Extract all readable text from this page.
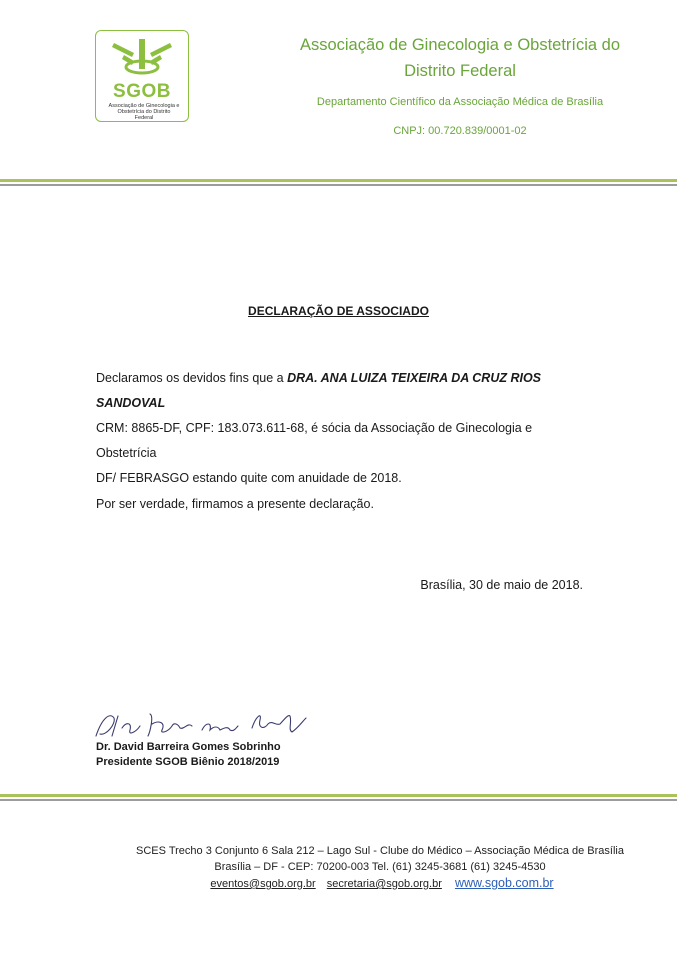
SGOB
Associação de Ginecologia e Obstetrícia do Distrito Federal
Associação de Ginecologia e Obstetrícia do
Distrito Federal
Departamento Científico da Associação Médica de Brasília
CNPJ: 00.720.839/0001-02
DECLARAÇÃO DE ASSOCIADO
Declaramos os devidos fins que a DRA. ANA LUIZA TEIXEIRA DA CRUZ RIOS SANDOVAL
CRM: 8865-DF, CPF: 183.073.611-68, é sócia da Associação de Ginecologia e Obstetrícia
DF/ FEBRASGO estando quite com anuidade de 2018.
Por ser verdade, firmamos a presente declaração.
Brasília, 30 de maio de 2018.
Dr. David Barreira Gomes Sobrinho
Presidente SGOB Biênio 2018/2019
SCES Trecho 3 Conjunto 6 Sala 212 – Lago Sul - Clube do Médico – Associação Médica de Brasília
Brasília – DF - CEP: 70200-003 Tel. (61) 3245-3681 (61) 3245-4530
eventos@sgob.org.br secretaria@sgob.org.br www.sgob.com.br
